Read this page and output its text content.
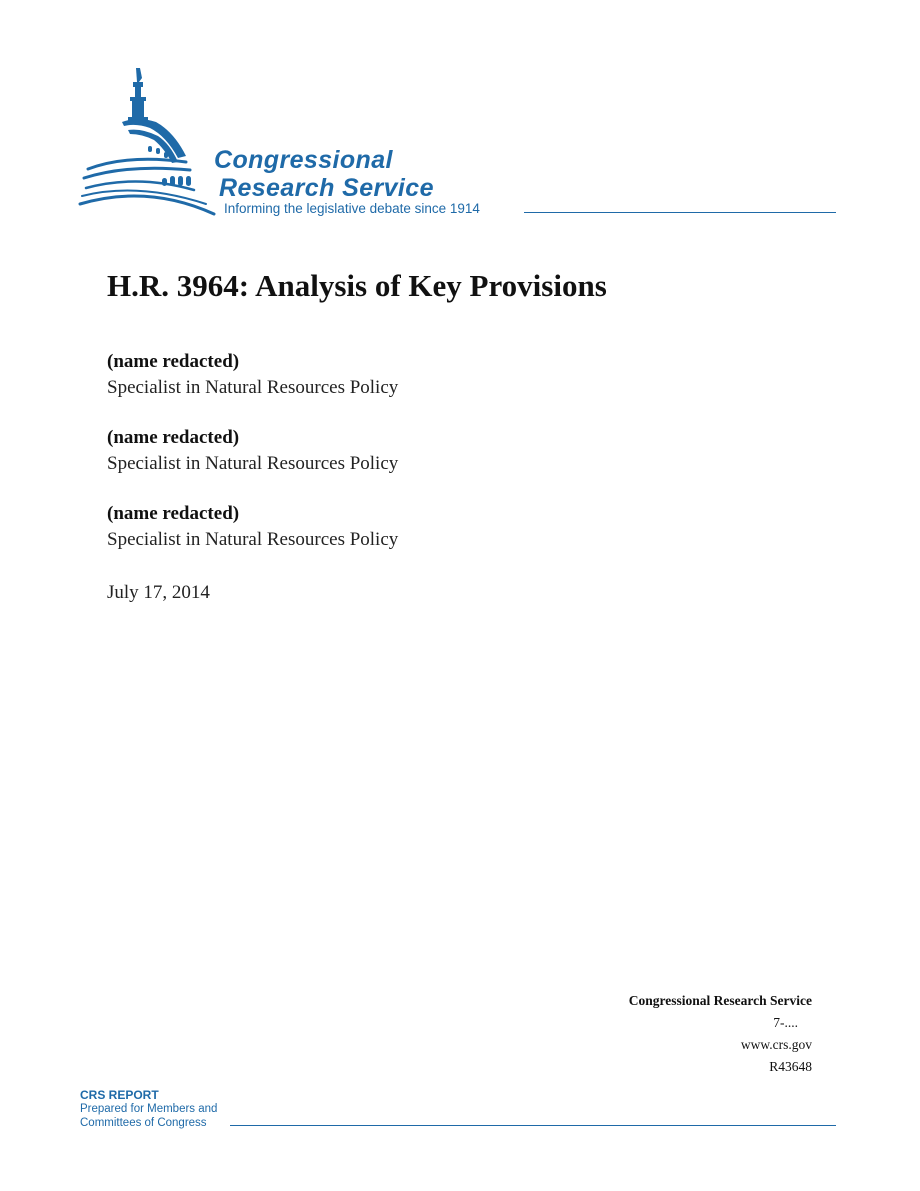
Congressional
Research Service
Informing the legislative debate since 1914
H.R. 3964: Analysis of Key Provisions
(name redacted)
Specialist in Natural Resources Policy
(name redacted)
Specialist in Natural Resources Policy
(name redacted)
Specialist in Natural Resources Policy
July 17, 2014
Congressional Research Service
7-....
www.crs.gov
R43648
CRS REPORT
Prepared for Members and
Committees of Congress
